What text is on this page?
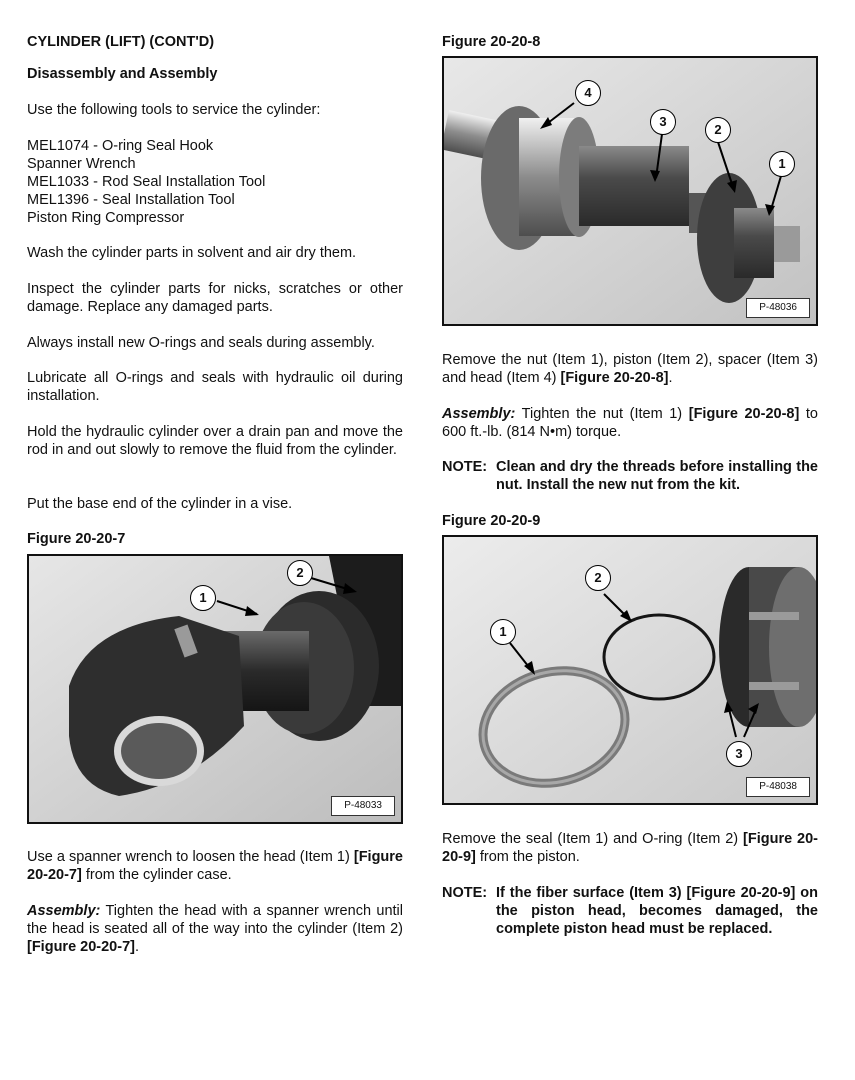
CYLINDER (LIFT) (CONT'D)

Disassembly and Assembly

Use the following tools to service the cylinder:

MEL1074 - O-ring Seal Hook
Spanner Wrench
MEL1033 - Rod Seal Installation Tool
MEL1396 - Seal Installation Tool
Piston Ring Compressor

Wash the cylinder parts in solvent and air dry them.

Inspect the cylinder parts for nicks, scratches or other damage. Replace any damaged parts.

Always install new O-rings and seals during assembly.

Lubricate all O-rings and seals with hydraulic oil during installation.

Hold the hydraulic cylinder over a drain pan and move the rod in and out slowly to remove the fluid from the cylinder.

Put the base end of the cylinder in a vise.

Figure 20-20-7

1
2
P-48033

Use a spanner wrench to loosen the head (Item 1) [Figure 20-20-7] from the cylinder case.

Assembly: Tighten the head with a spanner wrench until the head is seated all of the way into the cylinder (Item 2) [Figure 20-20-7].

Figure 20-20-8

4
3
2
1
P-48036

Remove the nut (Item 1), piston (Item 2), spacer (Item 3) and head (Item 4) [Figure 20-20-8].

Assembly: Tighten the nut (Item 1) [Figure 20-20-8] to 600 ft.-lb. (814 N•m) torque.

NOTE: Clean and dry the threads before installing the nut. Install the new nut from the kit.

Figure 20-20-9

2
1
3
P-48038

Remove the seal (Item 1) and O-ring (Item 2) [Figure 20-20-9] from the piston.

NOTE: If the fiber surface (Item 3) [Figure 20-20-9] on the piston head, becomes damaged, the complete piston head must be replaced.
